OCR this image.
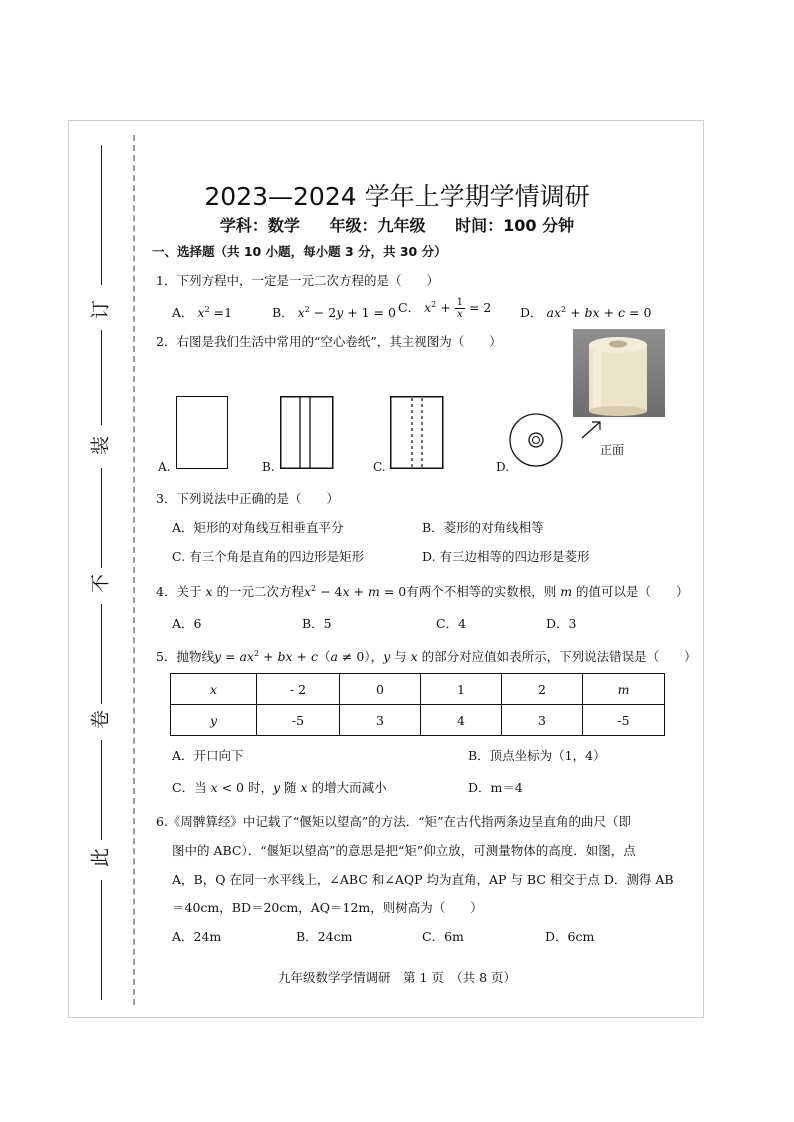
订
装
不
卷
此
2023—2024 学年上学期学情调研
学科：数学 年级：九年级 时间：100 分钟
一、选择题（共 10 小题，每小题 3 分，共 30 分）
1．下列方程中，一定是一元二次方程的是（　　）
A． $x^2 =1$	B． $x^2 - 2y + 1 = 0$ C． $x^2 + \frac{1}{x} = 2$ D． $ax^2$ + bx + c = 0
2．右图是我们生活中常用的“空心卷纸”，其主视图为（　　）
正面
A.	B.	C.	D.
3．下列说法中正确的是（　　）
A．矩形的对角线互相垂直平分	B．菱形的对角线相等
C. 有三个角是直角的四边形是矩形	D. 有三边相等的四边形是菱形
4．关于 x 的一元二次方程$x^2 - 4x + m = 0$有两个不相等的实数根，则 m 的值可以是（　　）
A．6	B．5	C．4	D．3
5．抛物线$y = ax^2$ + bx + c（a ≠ 0），y 与 x 的部分对应值如表所示，下列说法错误是（　　）
x	- 2	0	1	2	m
y	-5	3	4	3	-5
A．开口向下	B．顶点坐标为（1，4）
C．当 x < 0 时，y 随 x 的增大而减小	D．m＝4
6.《周髀算经》中记载了“偃矩以望高”的方法．“矩”在古代指两条边呈直角的曲尺（即
图中的 ABC）．“偃矩以望高”的意思是把“矩”仰立放，可测量物体的高度．如图，点
A，B，Q 在同一水平线上，∠ABC 和∠AQP 均为直角，AP 与 BC 相交于点 D．测得 AB
＝40cm，BD＝20cm，AQ＝12m，则树高为（　　）
A．24m	B．24cm	C．6m	D．6cm
九年级数学学情调研　第 1 页　（共 8 页）
